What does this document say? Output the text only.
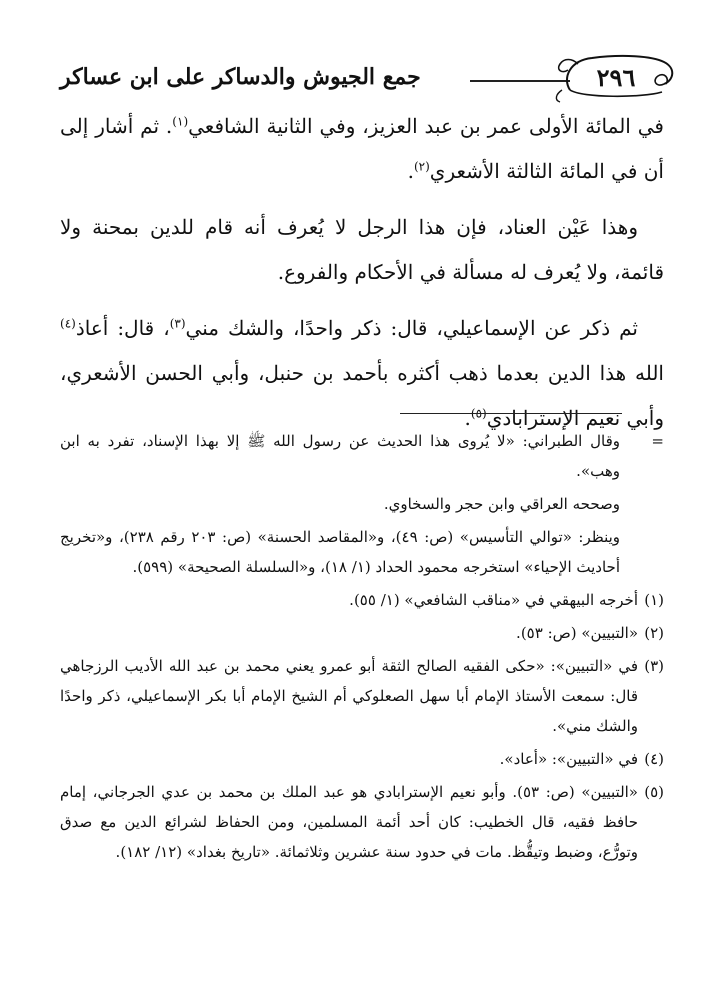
جمع الجيوش والدساكر على ابن عساكر	٢٩٦

في المائة الأولى عمر بن عبد العزيز، وفي الثانية الشافعي$^{(١)}$. ثم أشار إلى أن في المائة الثالثة الأشعري$^{(٢)}$.

وهذا عَيْن العناد، فإن هذا الرجل لا يُعرف أنه قام للدين بمحنة ولا قائمة، ولا يُعرف له مسألة في الأحكام والفروع.

ثم ذكر عن الإسماعيلي، قال: ذكر واحدًا، والشك مني$^{(٣)}$، قال: أعاذ$^{(٤)}$ الله هذا الدين بعدما ذهب أكثره بأحمد بن حنبل، وأبي الحسن الأشعري، وأبي نعيم الإسترابادي$^{(٥)}$.

=

وقال الطبراني: «لا يُروى هذا الحديث عن رسول الله ﷺ إلا بهذا الإسناد، تفرد به ابن وهب».

وصححه العراقي وابن حجر والسخاوي.

وينظر: «توالي التأسيس» (ص: ٤٩)، و«المقاصد الحسنة» (ص: ٢٠٣ رقم ٢٣٨)، و«تخريج أحاديث الإحياء» استخرجه محمود الحداد (١/ ١٨)، و«السلسلة الصحيحة» (٥٩٩).

(١)أخرجه البيهقي في «مناقب الشافعي» (١/ ٥٥).

(٢)«التبيين» (ص: ٥٣).

(٣)في «التبيين»: «حكى الفقيه الصالح الثقة أبو عمرو يعني محمد بن عبد الله الأديب الرزجاهي قال: سمعت الأستاذ الإمام أبا سهل الصعلوكي أم الشيخ الإمام أبا بكر الإسماعيلي، ذكر واحدًا والشك مني».

(٤)في «التبيين»: «أعاد».

(٥)«التبيين» (ص: ٥٣). وأبو نعيم الإسترابادي هو عبد الملك بن محمد بن عدي الجرجاني، إمام حافظ فقيه، قال الخطيب: كان أحد أئمة المسلمين، ومن الحفاظ لشرائع الدين مع صدق وتورُّع، وضبط وتيقُّظ. مات في حدود سنة عشرين وثلاثمائة. «تاريخ بغداد» (١٢/ ١٨٢).
